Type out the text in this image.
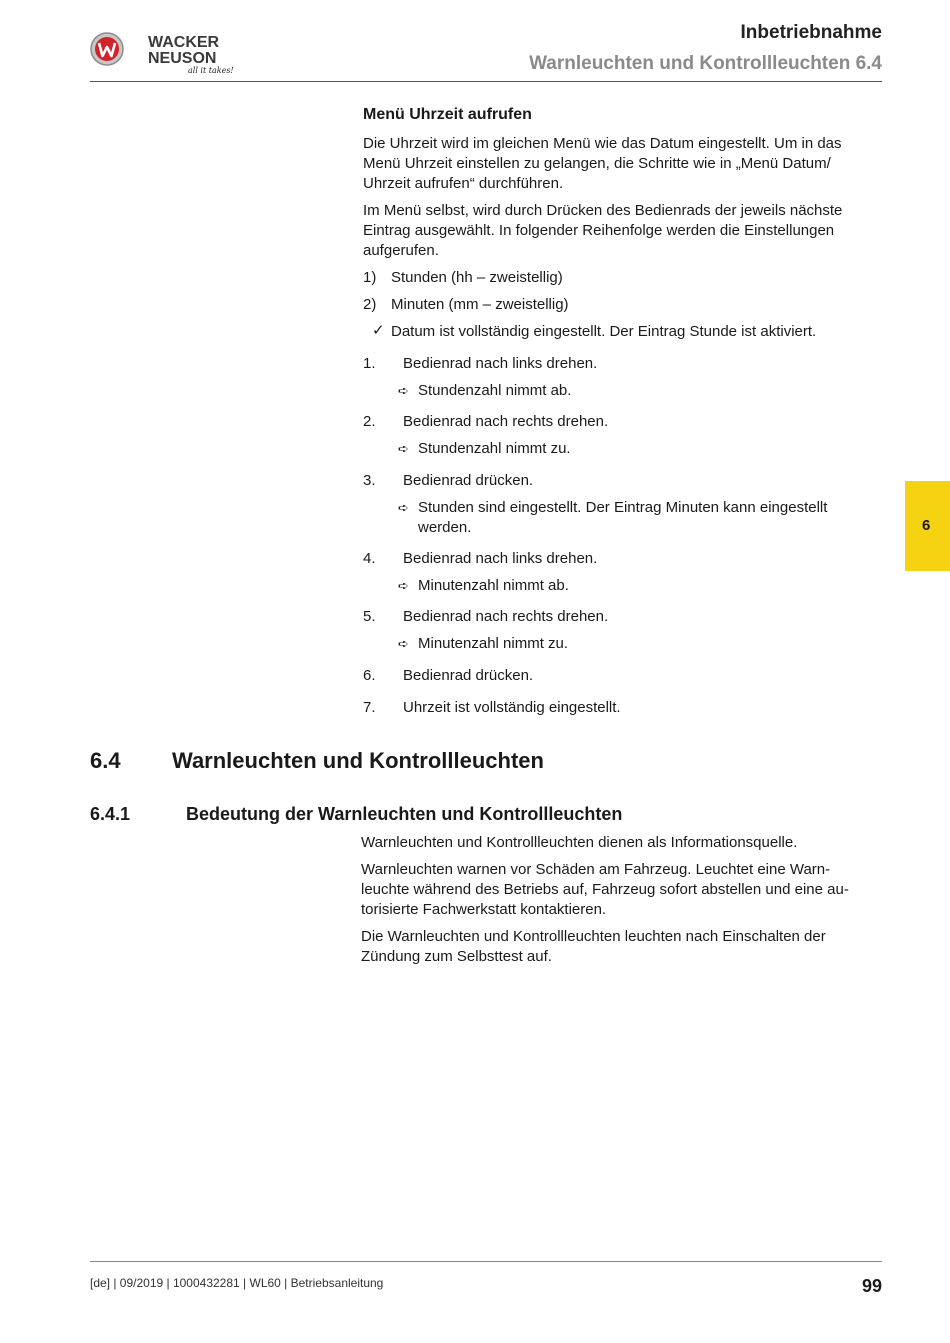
WACKER
NEUSON
all it takes!
Inbetriebnahme
Warnleuchten und Kontrollleuchten 6.4
6
Menü Uhrzeit aufrufen
Die Uhrzeit wird im gleichen Menü wie das Datum eingestellt. Um in das
Menü Uhrzeit einstellen zu gelangen, die Schritte wie in „Menü Datum/
Uhrzeit aufrufen“ durchführen.
Im Menü selbst, wird durch Drücken des Bedienrads der jeweils nächste
Eintrag ausgewählt. In folgender Reihenfolge werden die Einstellungen
aufgerufen.
1) Stunden (hh – zweistellig)
2) Minuten (mm – zweistellig)
✓ Datum ist vollständig eingestellt. Der Eintrag Stunde ist aktiviert.
1. Bedienrad nach links drehen.
➪ Stundenzahl nimmt ab.
2. Bedienrad nach rechts drehen.
➪ Stundenzahl nimmt zu.
3. Bedienrad drücken.
➪ Stunden sind eingestellt. Der Eintrag Minuten kann eingestellt
werden.
4. Bedienrad nach links drehen.
➪ Minutenzahl nimmt ab.
5. Bedienrad nach rechts drehen.
➪ Minutenzahl nimmt zu.
6. Bedienrad drücken.
7. Uhrzeit ist vollständig eingestellt.
6.4 Warnleuchten und Kontrollleuchten
6.4.1	Bedeutung der Warnleuchten und Kontrollleuchten
Warnleuchten und Kontrollleuchten dienen als Informationsquelle.
Warnleuchten warnen vor Schäden am Fahrzeug. Leuchtet eine Warn-
leuchte während des Betriebs auf, Fahrzeug sofort abstellen und eine au-
torisierte Fachwerkstatt kontaktieren.
Die Warnleuchten und Kontrollleuchten leuchten nach Einschalten der
Zündung zum Selbsttest auf.
[de] | 09/2019 | 1000432281 | WL60 | Betriebsanleitung	99
